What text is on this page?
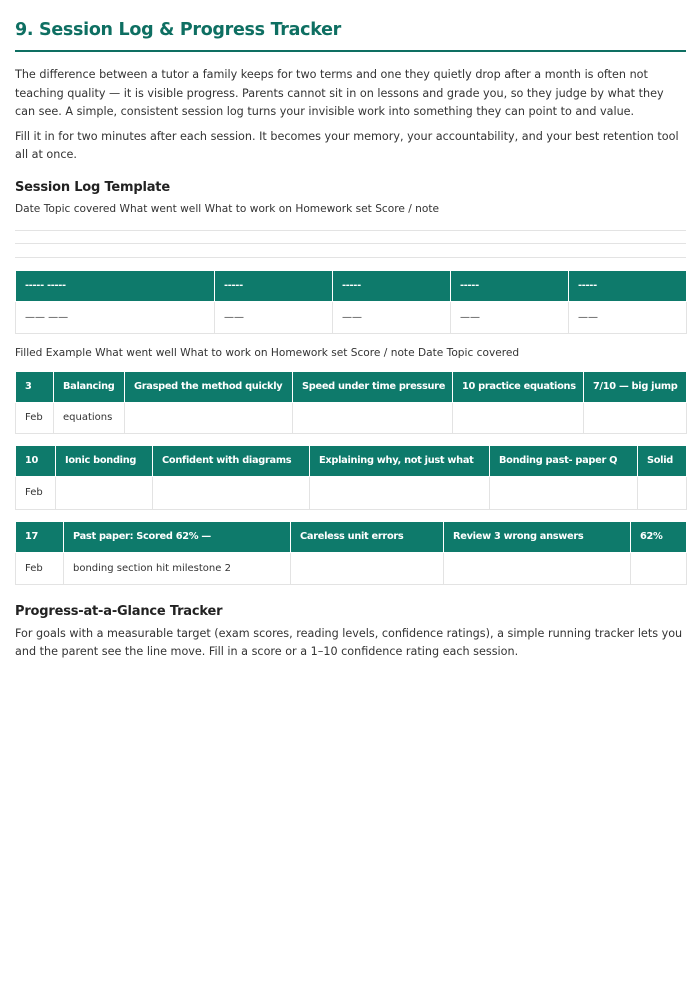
9. Session Log & Progress Tracker

The difference between a tutor a family keeps for two terms and one they quietly drop after a month is often not teaching quality — it is visible progress. Parents cannot sit in on lessons and grade you, so they judge by what they can see. A simple, consistent session log turns your invisible work into something they can point to and value.

Fill it in for two minutes after each session. It becomes your memory, your accountability, and your best retention tool all at once.

Session Log Template
Date Topic covered What went well What to work on Homework set Score / note
----- -----	-----	-----	-----	-----
—— ——	——	——	——	——
Filled Example What went well What to work on Homework set Score / note Date Topic covered
3	Balancing	Grasped the method quickly	Speed under time pressure	10 practice equations	7/10 — big jump
Feb	equations				
10	Ionic bonding	Confident with diagrams	Explaining why, not just what	Bonding past- paper Q	Solid
Feb					
17	Past paper: Scored 62% —	Careless unit errors	Review 3 wrong answers	62%
Feb	bonding section hit milestone 2			
Progress-at-a-Glance Tracker

For goals with a measurable target (exam scores, reading levels, confidence ratings), a simple running tracker lets you and the parent see the line move. Fill in a score or a 1–10 confidence rating each session.
